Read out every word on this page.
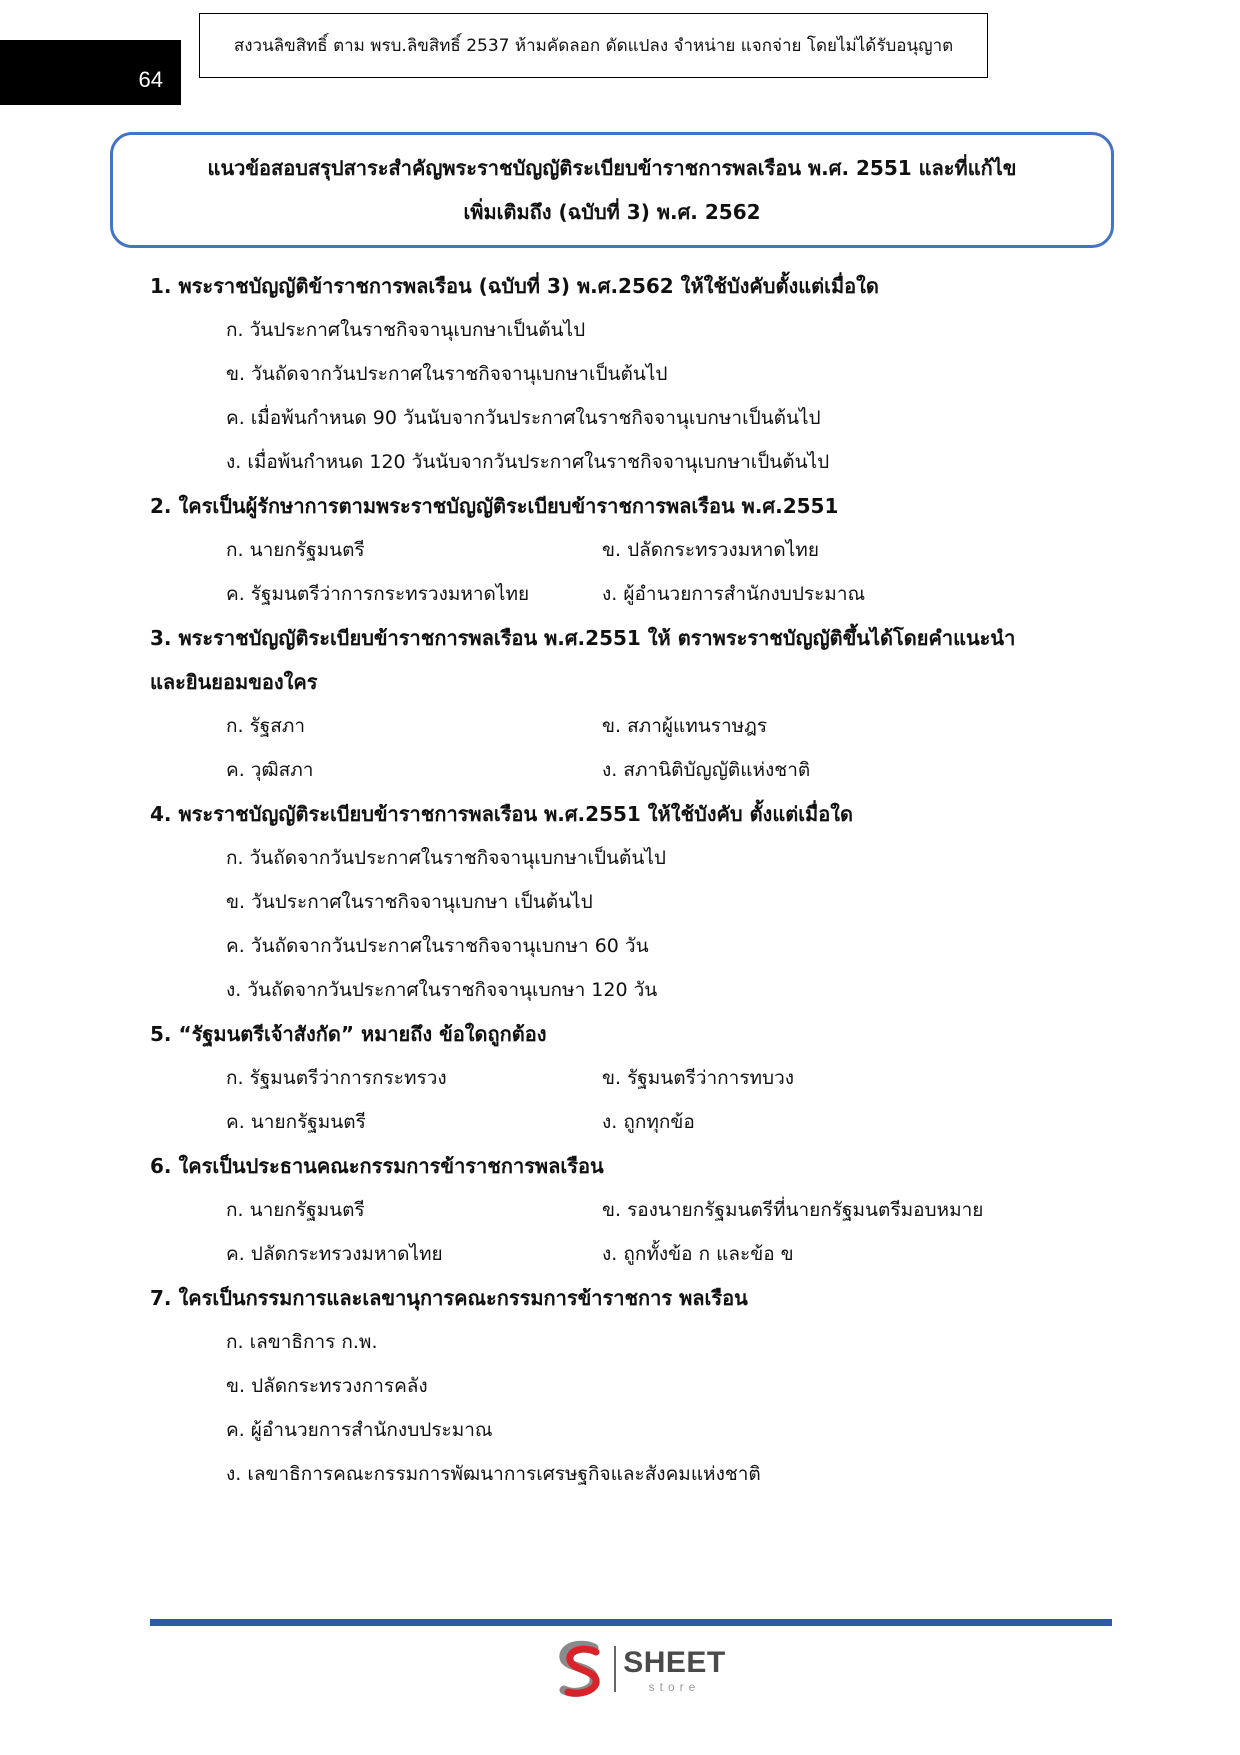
64
สงวนลิขสิทธิ์ ตาม พรบ.ลิขสิทธิ์ 2537 ห้ามคัดลอก ดัดแปลง จำหน่าย แจกจ่าย โดยไม่ได้รับอนุญาต
แนวข้อสอบสรุปสาระสำคัญพระราชบัญญัติระเบียบข้าราชการพลเรือน พ.ศ. 2551 และที่แก้ไข
เพิ่มเติมถึง (ฉบับที่ 3) พ.ศ. 2562
1. พระราชบัญญัติข้าราชการพลเรือน (ฉบับที่ 3) พ.ศ.2562 ให้ใช้บังคับตั้งแต่เมื่อใด
ก. วันประกาศในราชกิจจานุเบกษาเป็นต้นไป
ข. วันถัดจากวันประกาศในราชกิจจานุเบกษาเป็นต้นไป
ค. เมื่อพ้นกำหนด 90 วันนับจากวันประกาศในราชกิจจานุเบกษาเป็นต้นไป
ง. เมื่อพ้นกำหนด 120 วันนับจากวันประกาศในราชกิจจานุเบกษาเป็นต้นไป
2. ใครเป็นผู้รักษาการตามพระราชบัญญัติระเบียบข้าราชการพลเรือน พ.ศ.2551
ก. นายกรัฐมนตรี	ข. ปลัดกระทรวงมหาดไทย
ค. รัฐมนตรีว่าการกระทรวงมหาดไทย	ง. ผู้อำนวยการสำนักงบประมาณ
3. พระราชบัญญัติระเบียบข้าราชการพลเรือน พ.ศ.2551 ให้ ตราพระราชบัญญัติขึ้นได้โดยคำแนะนำ
และยินยอมของใคร
ก. รัฐสภา	ข. สภาผู้แทนราษฎร
ค. วุฒิสภา	ง. สภานิติบัญญัติแห่งชาติ
4. พระราชบัญญัติระเบียบข้าราชการพลเรือน พ.ศ.2551 ให้ใช้บังคับ ตั้งแต่เมื่อใด
ก. วันถัดจากวันประกาศในราชกิจจานุเบกษาเป็นต้นไป
ข. วันประกาศในราชกิจจานุเบกษา เป็นต้นไป
ค. วันถัดจากวันประกาศในราชกิจจานุเบกษา 60 วัน
ง. วันถัดจากวันประกาศในราชกิจจานุเบกษา 120 วัน
5. “รัฐมนตรีเจ้าสังกัด” หมายถึง ข้อใดถูกต้อง
ก. รัฐมนตรีว่าการกระทรวง	ข. รัฐมนตรีว่าการทบวง
ค. นายกรัฐมนตรี	ง. ถูกทุกข้อ
6. ใครเป็นประธานคณะกรรมการข้าราชการพลเรือน
ก. นายกรัฐมนตรี	ข. รองนายกรัฐมนตรีที่นายกรัฐมนตรีมอบหมาย
ค. ปลัดกระทรวงมหาดไทย	ง. ถูกทั้งข้อ ก และข้อ ข
7. ใครเป็นกรรมการและเลขานุการคณะกรรมการข้าราชการ พลเรือน
ก. เลขาธิการ ก.พ.
ข. ปลัดกระทรวงการคลัง
ค. ผู้อำนวยการสำนักงบประมาณ
ง. เลขาธิการคณะกรรมการพัฒนาการเศรษฐกิจและสังคมแห่งชาติ
SHEET
store
